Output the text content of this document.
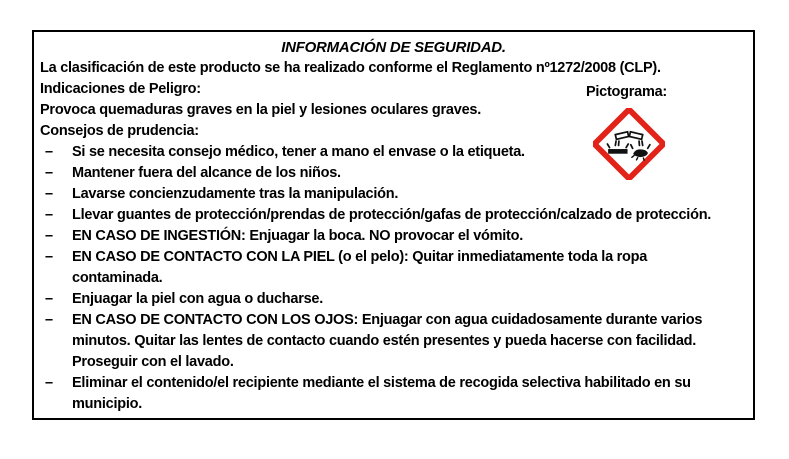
INFORMACIÓN DE SEGURIDAD.
La clasificación de este producto se ha realizado conforme el Reglamento nº1272/2008 (CLP).
Indicaciones de Peligro:
Provoca quemaduras graves en la piel y lesiones oculares graves.
Consejos de prudencia:
–	Si se necesita consejo médico, tener a mano el envase o la etiqueta.
–	Mantener fuera del alcance de los niños.
–	Lavarse concienzudamente tras la manipulación.
–	Llevar guantes de protección/prendas de protección/gafas de protección/calzado de protección.
–	EN CASO DE INGESTIÓN: Enjuagar la boca. NO provocar el vómito.
–	EN CASO DE CONTACTO CON LA PIEL (o el pelo): Quitar inmediatamente toda la ropa
contaminada.
–	Enjuagar la piel con agua o ducharse.
–	EN CASO DE CONTACTO CON LOS OJOS: Enjuagar con agua cuidadosamente durante varios
minutos. Quitar las lentes de contacto cuando estén presentes y pueda hacerse con facilidad.
Proseguir con el lavado.
–	Eliminar el contenido/el recipiente mediante el sistema de recogida selectiva habilitado en su
municipio.
Pictograma:
